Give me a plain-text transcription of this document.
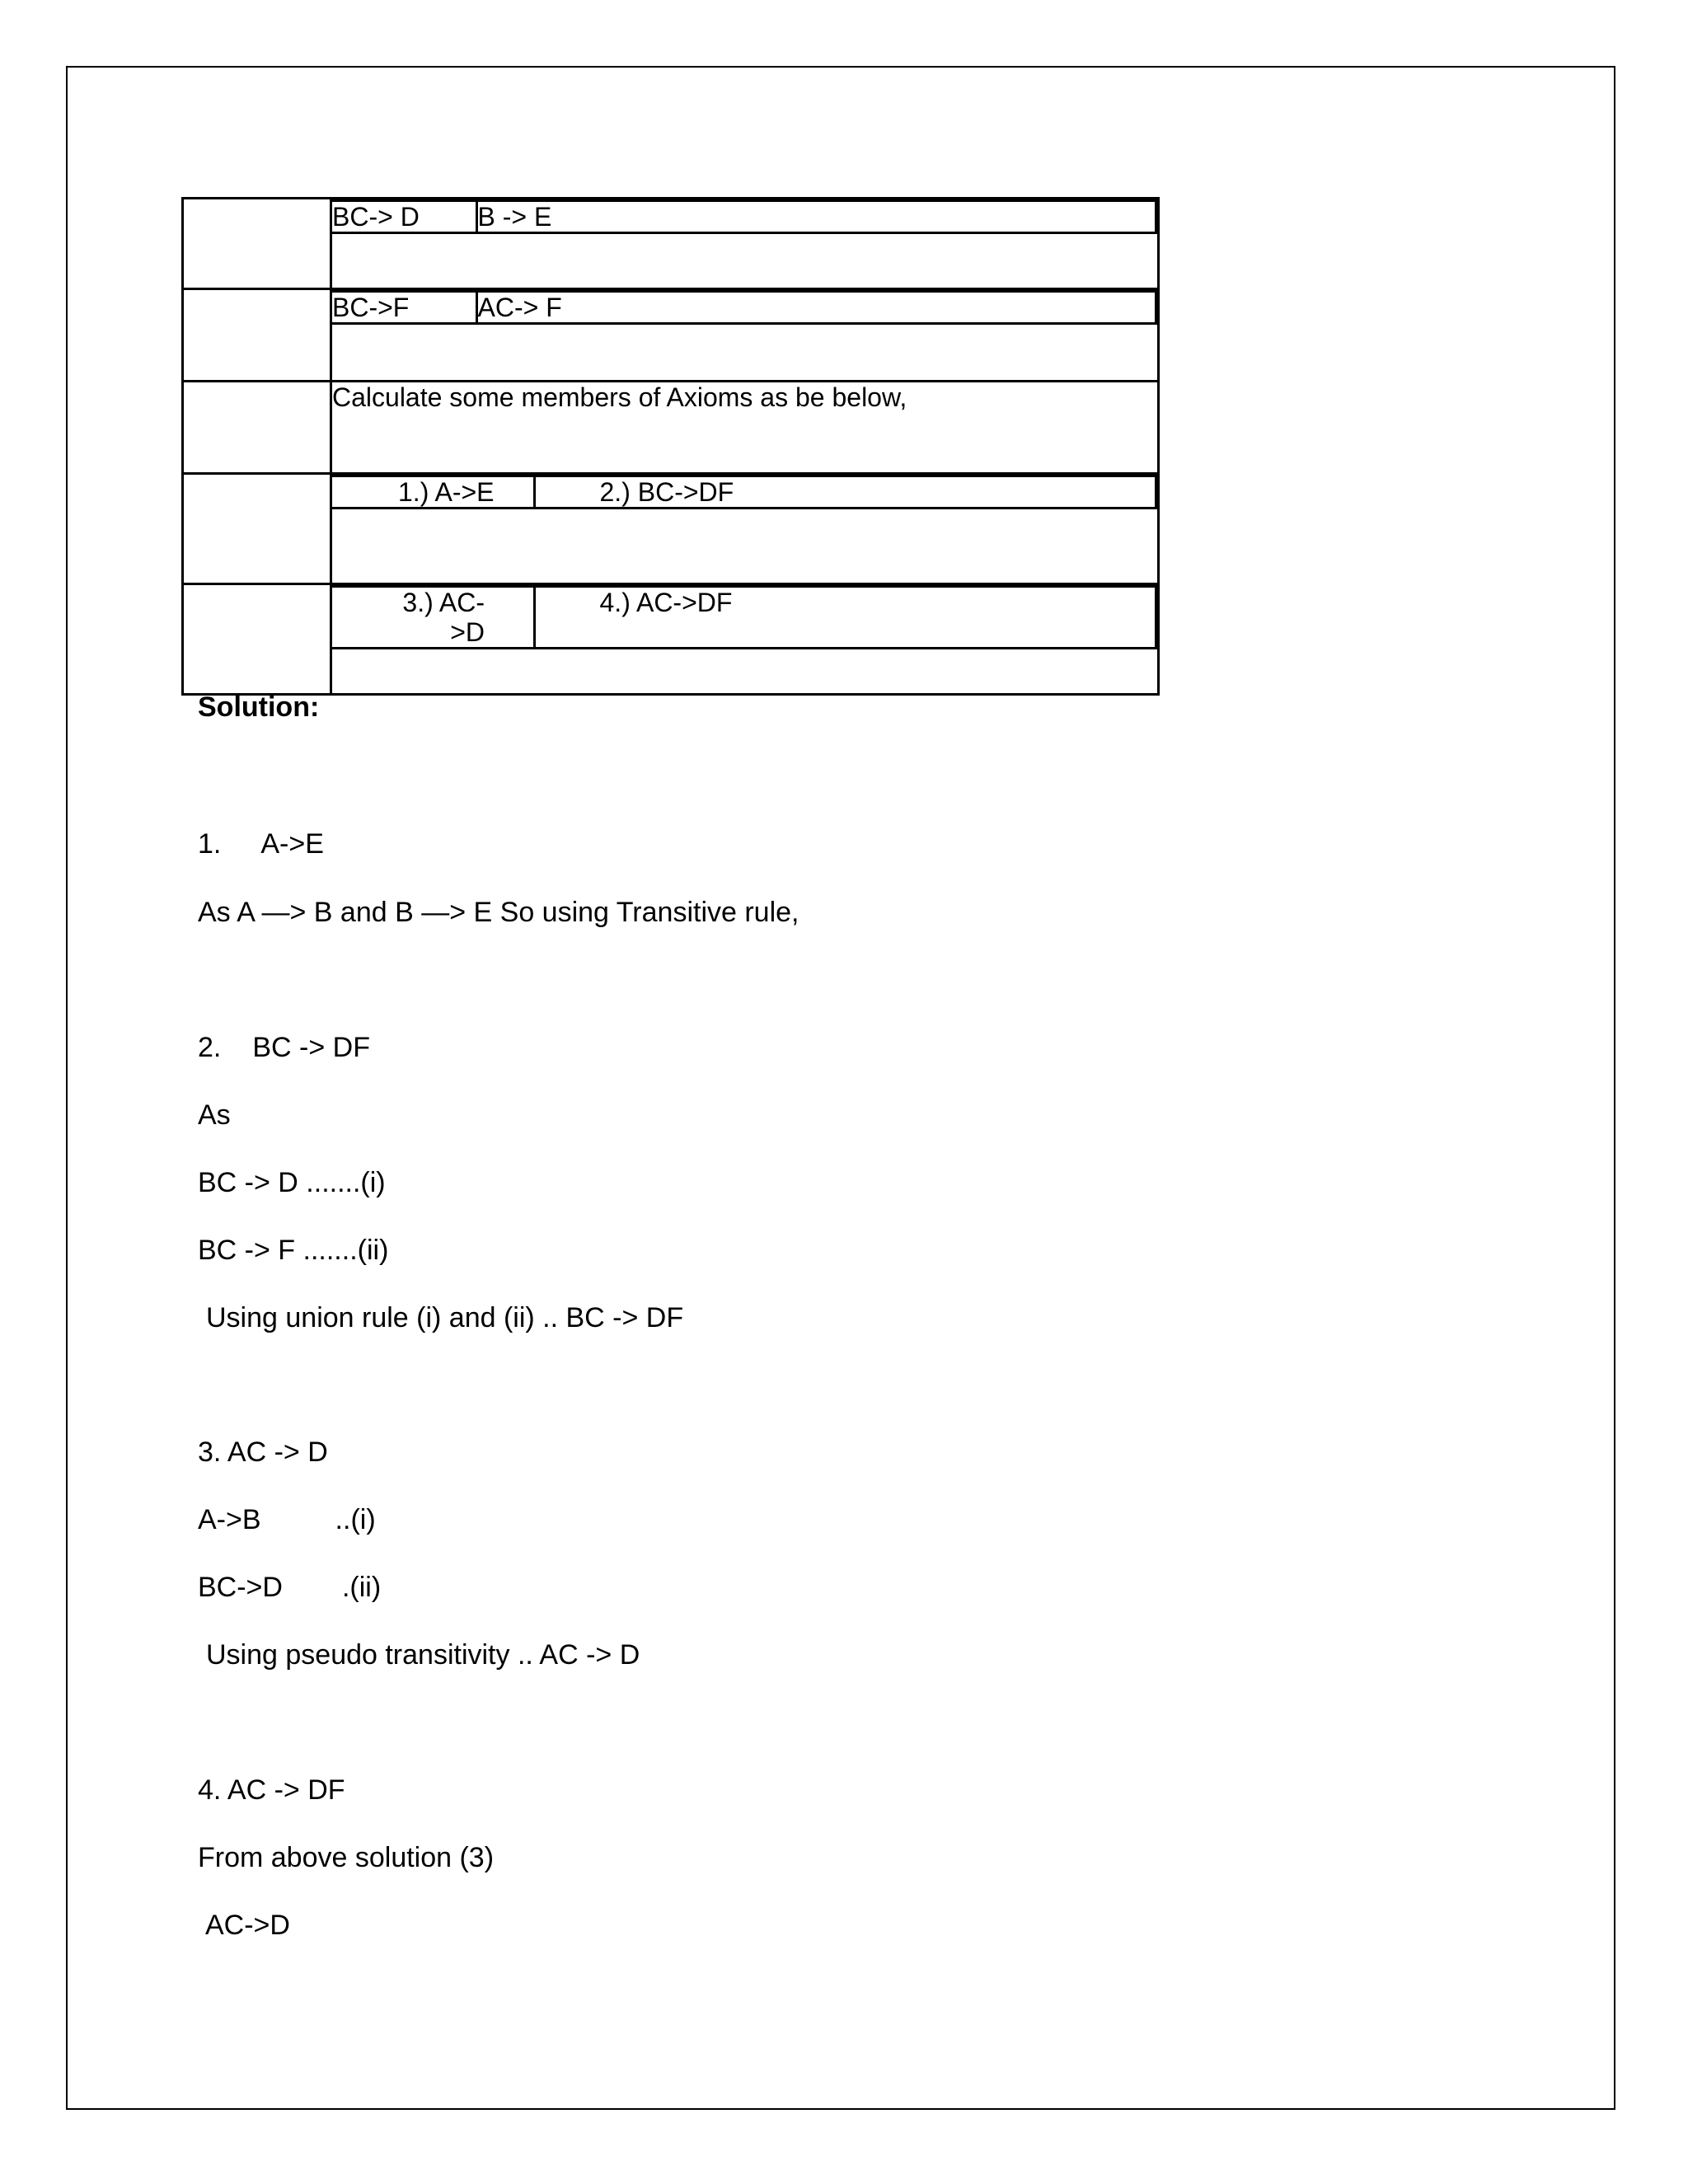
BC-> D	B -> E

BC->F	AC-> F

	Calculate some members of Axioms as be below,

1.) A->E	2.) BC->DF

3.) AC-
>D	4.) AC->DF
Solution:
1. A->E
As A —> B and B —> E So using Transitive rule,
2. BC -> DF
As
BC -> D .......(i)
BC -> F .......(ii)
Using union rule (i) and (ii) .. BC -> DF
3. AC -> D
A->B	..(i)
BC->D .(ii)
Using pseudo transitivity .. AC -> D
4. AC -> DF
From above solution (3)
AC->D
